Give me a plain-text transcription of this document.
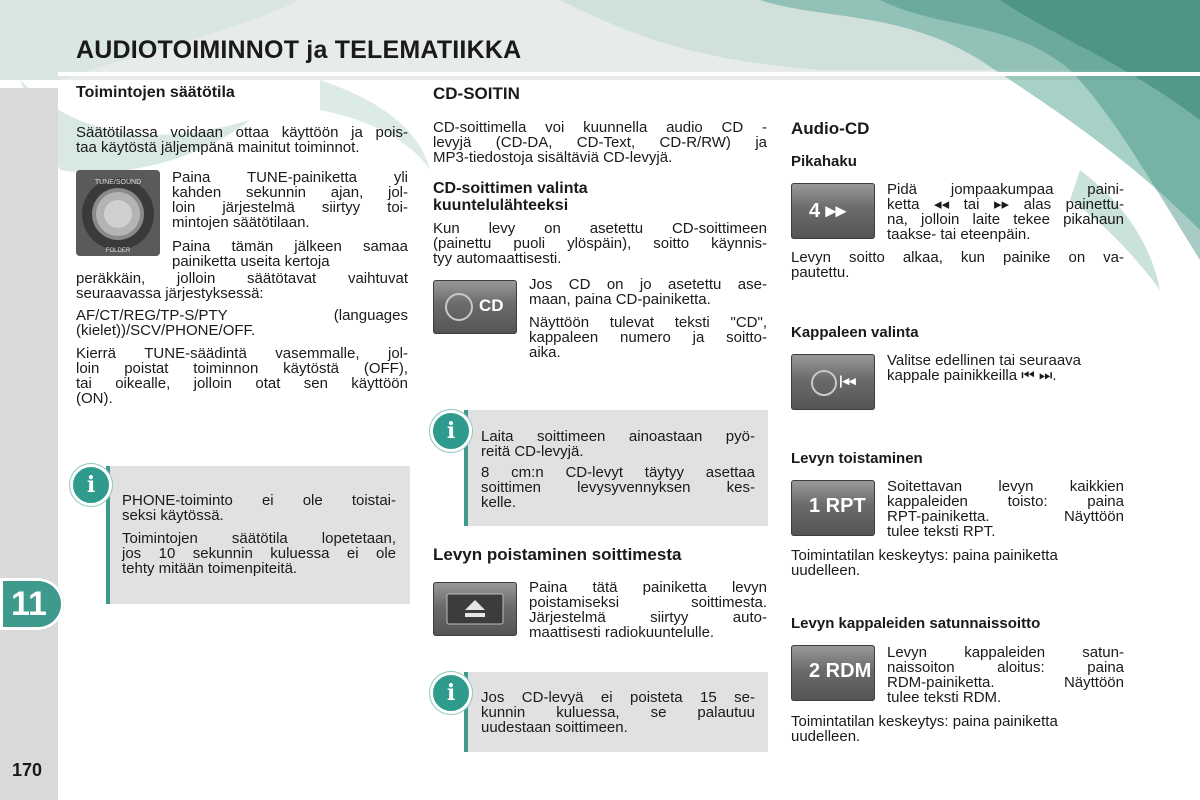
AUDIOTOIMINNOT ja TELEMATIIKKA
11
170
Toimintojen säätötila
Säätötilassa voidaan ottaa käyttöön ja pois-
taa käytöstä jäljempänä mainitut toiminnot.
TUNE/SOUND
FOLDER
Paina TUNE-painiketta yli
kahden sekunnin ajan, jol-
loin järjestelmä siirtyy toi-
mintojen säätötilaan.
Paina tämän jälkeen samaa
painiketta useita kertoja
peräkkäin, jolloin säätötavat vaihtuvat
seuraavassa järjestyksessä:
AF/CT/REG/TP-S/PTY (languages
(kielet))/SCV/PHONE/OFF.
Kierrä TUNE-säädintä vasemmalle, jol-
loin poistat toiminnon käytöstä (OFF),
tai oikealle, jolloin otat sen käyttöön
(ON).
i
PHONE-toiminto ei ole toistai-
seksi käytössä.
Toimintojen säätötila lopetetaan,
jos 10 sekunnin kuluessa ei ole
tehty mitään toimenpiteitä.
CD-SOITIN
CD-soittimella voi kuunnella audio CD -
levyjä (CD-DA, CD-Text, CD-R/RW) ja
MP3-tiedostoja sisältäviä CD-levyjä.
CD-soittimen valinta
kuuntelulähteeksi
Kun levy on asetettu CD-soittimeen
(painettu puoli ylöspäin), soitto käynnis-
tyy automaattisesti.
CD
Jos CD on jo asetettu ase-
maan, paina CD-painiketta.
Näyttöön tulevat teksti "CD",
kappaleen numero ja soitto-
aika.
i	Laita soittimeen ainoastaan pyö-
reitä CD-levyjä.
8 cm:n CD-levyt täytyy asettaa
soittimen levysyvennyksen kes-
kelle.
Levyn poistaminen soittimesta
Paina tätä painiketta levyn
poistamiseksi soittimesta.
Järjestelmä siirtyy auto-
maattisesti radiokuuntelulle.
i	Jos CD-levyä ei poisteta 15 se-
kunnin kuluessa, se palautuu
uudestaan soittimeen.
Audio-CD
Pikahaku
4 ▸▸
Pidä jompaakumpaa paini-
ketta ◂◂ tai ▸▸ alas painettu-
na, jolloin laite tekee pikahaun
taakse- tai eteenpäin.
Levyn soitto alkaa, kun painike on va-
pautettu.
Kappaleen valinta
|◂◂
Valitse edellinen tai seuraava
kappale painikkeilla ⏮ ⏭.
Levyn toistaminen
1 RPT
Soitettavan levyn kaikkien
kappaleiden toisto: paina
RPT-painiketta. Näyttöön
tulee teksti RPT.
Toimintatilan keskeytys: paina painiketta
uudelleen.
Levyn kappaleiden satunnaissoitto
2 RDM
Levyn kappaleiden satun-
naissoiton aloitus: paina
RDM-painiketta. Näyttöön
tulee teksti RDM.
Toimintatilan keskeytys: paina painiketta
uudelleen.
